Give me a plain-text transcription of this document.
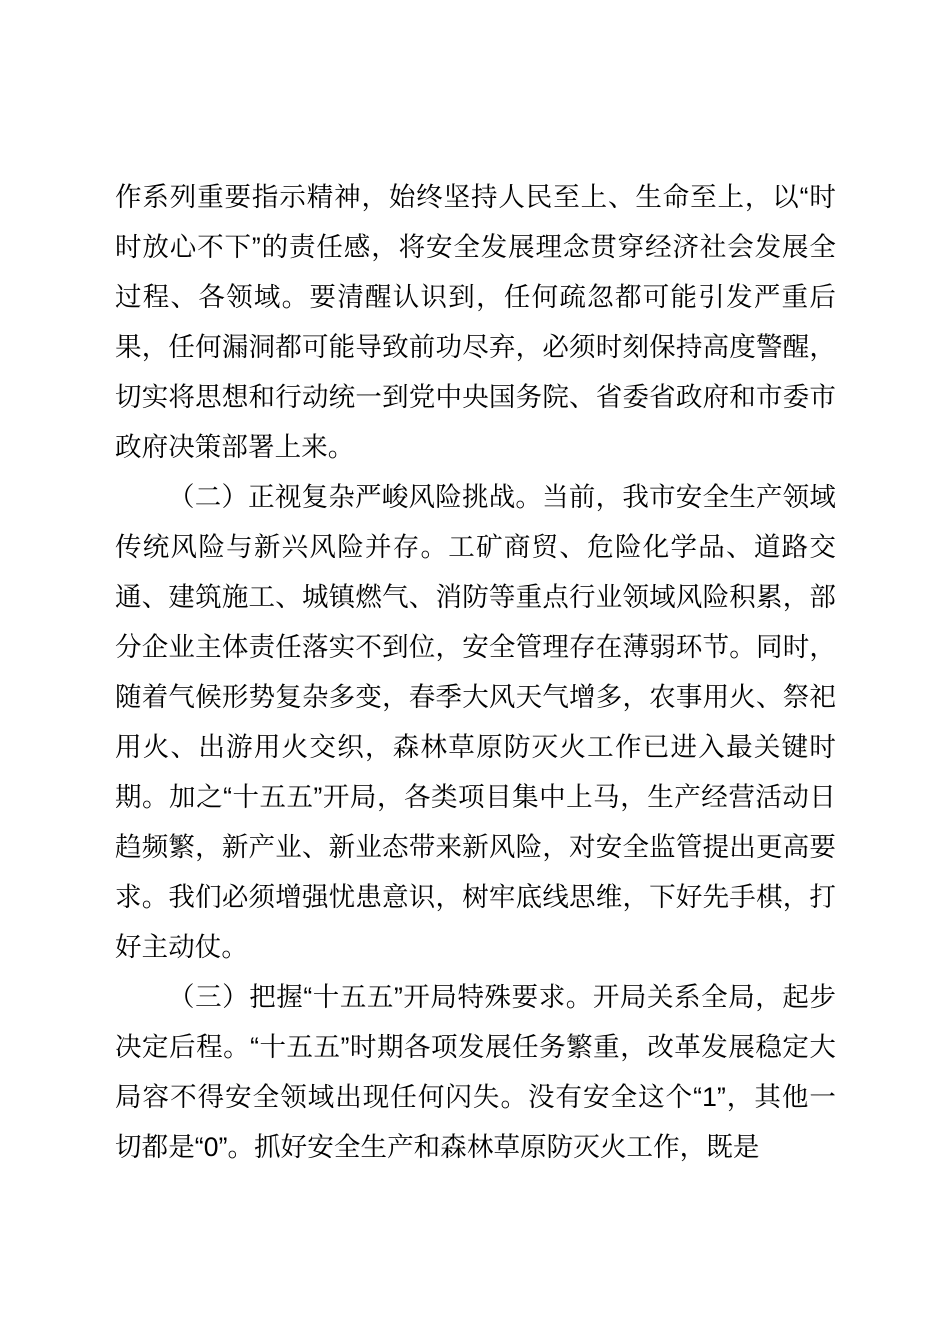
作系列重要指示精神，始终坚持人民至上、生命至上，以“时时放心不下”的责任感，将安全发展理念贯穿经济社会发展全过程、各领域。要清醒认识到，任何疏忽都可能引发严重后果，任何漏洞都可能导致前功尽弃，必须时刻保持高度警醒，切实将思想和行动统一到党中央国务院、省委省政府和市委市政府决策部署上来。

（二）正视复杂严峻风险挑战。当前，我市安全生产领域传统风险与新兴风险并存。工矿商贸、危险化学品、道路交通、建筑施工、城镇燃气、消防等重点行业领域风险积累，部分企业主体责任落实不到位，安全管理存在薄弱环节。同时，随着气候形势复杂多变，春季大风天气增多，农事用火、祭祀用火、出游用火交织，森林草原防灭火工作已进入最关键时期。加之“十五五”开局，各类项目集中上马，生产经营活动日趋频繁，新产业、新业态带来新风险，对安全监管提出更高要求。我们必须增强忧患意识，树牢底线思维，下好先手棋，打好主动仗。

（三）把握“十五五”开局特殊要求。开局关系全局，起步决定后程。“十五五”时期各项发展任务繁重，改革发展稳定大局容不得安全领域出现任何闪失。没有安全这个“1”，其他一切都是“0”。抓好安全生产和森林草原防灭火工作，既是
